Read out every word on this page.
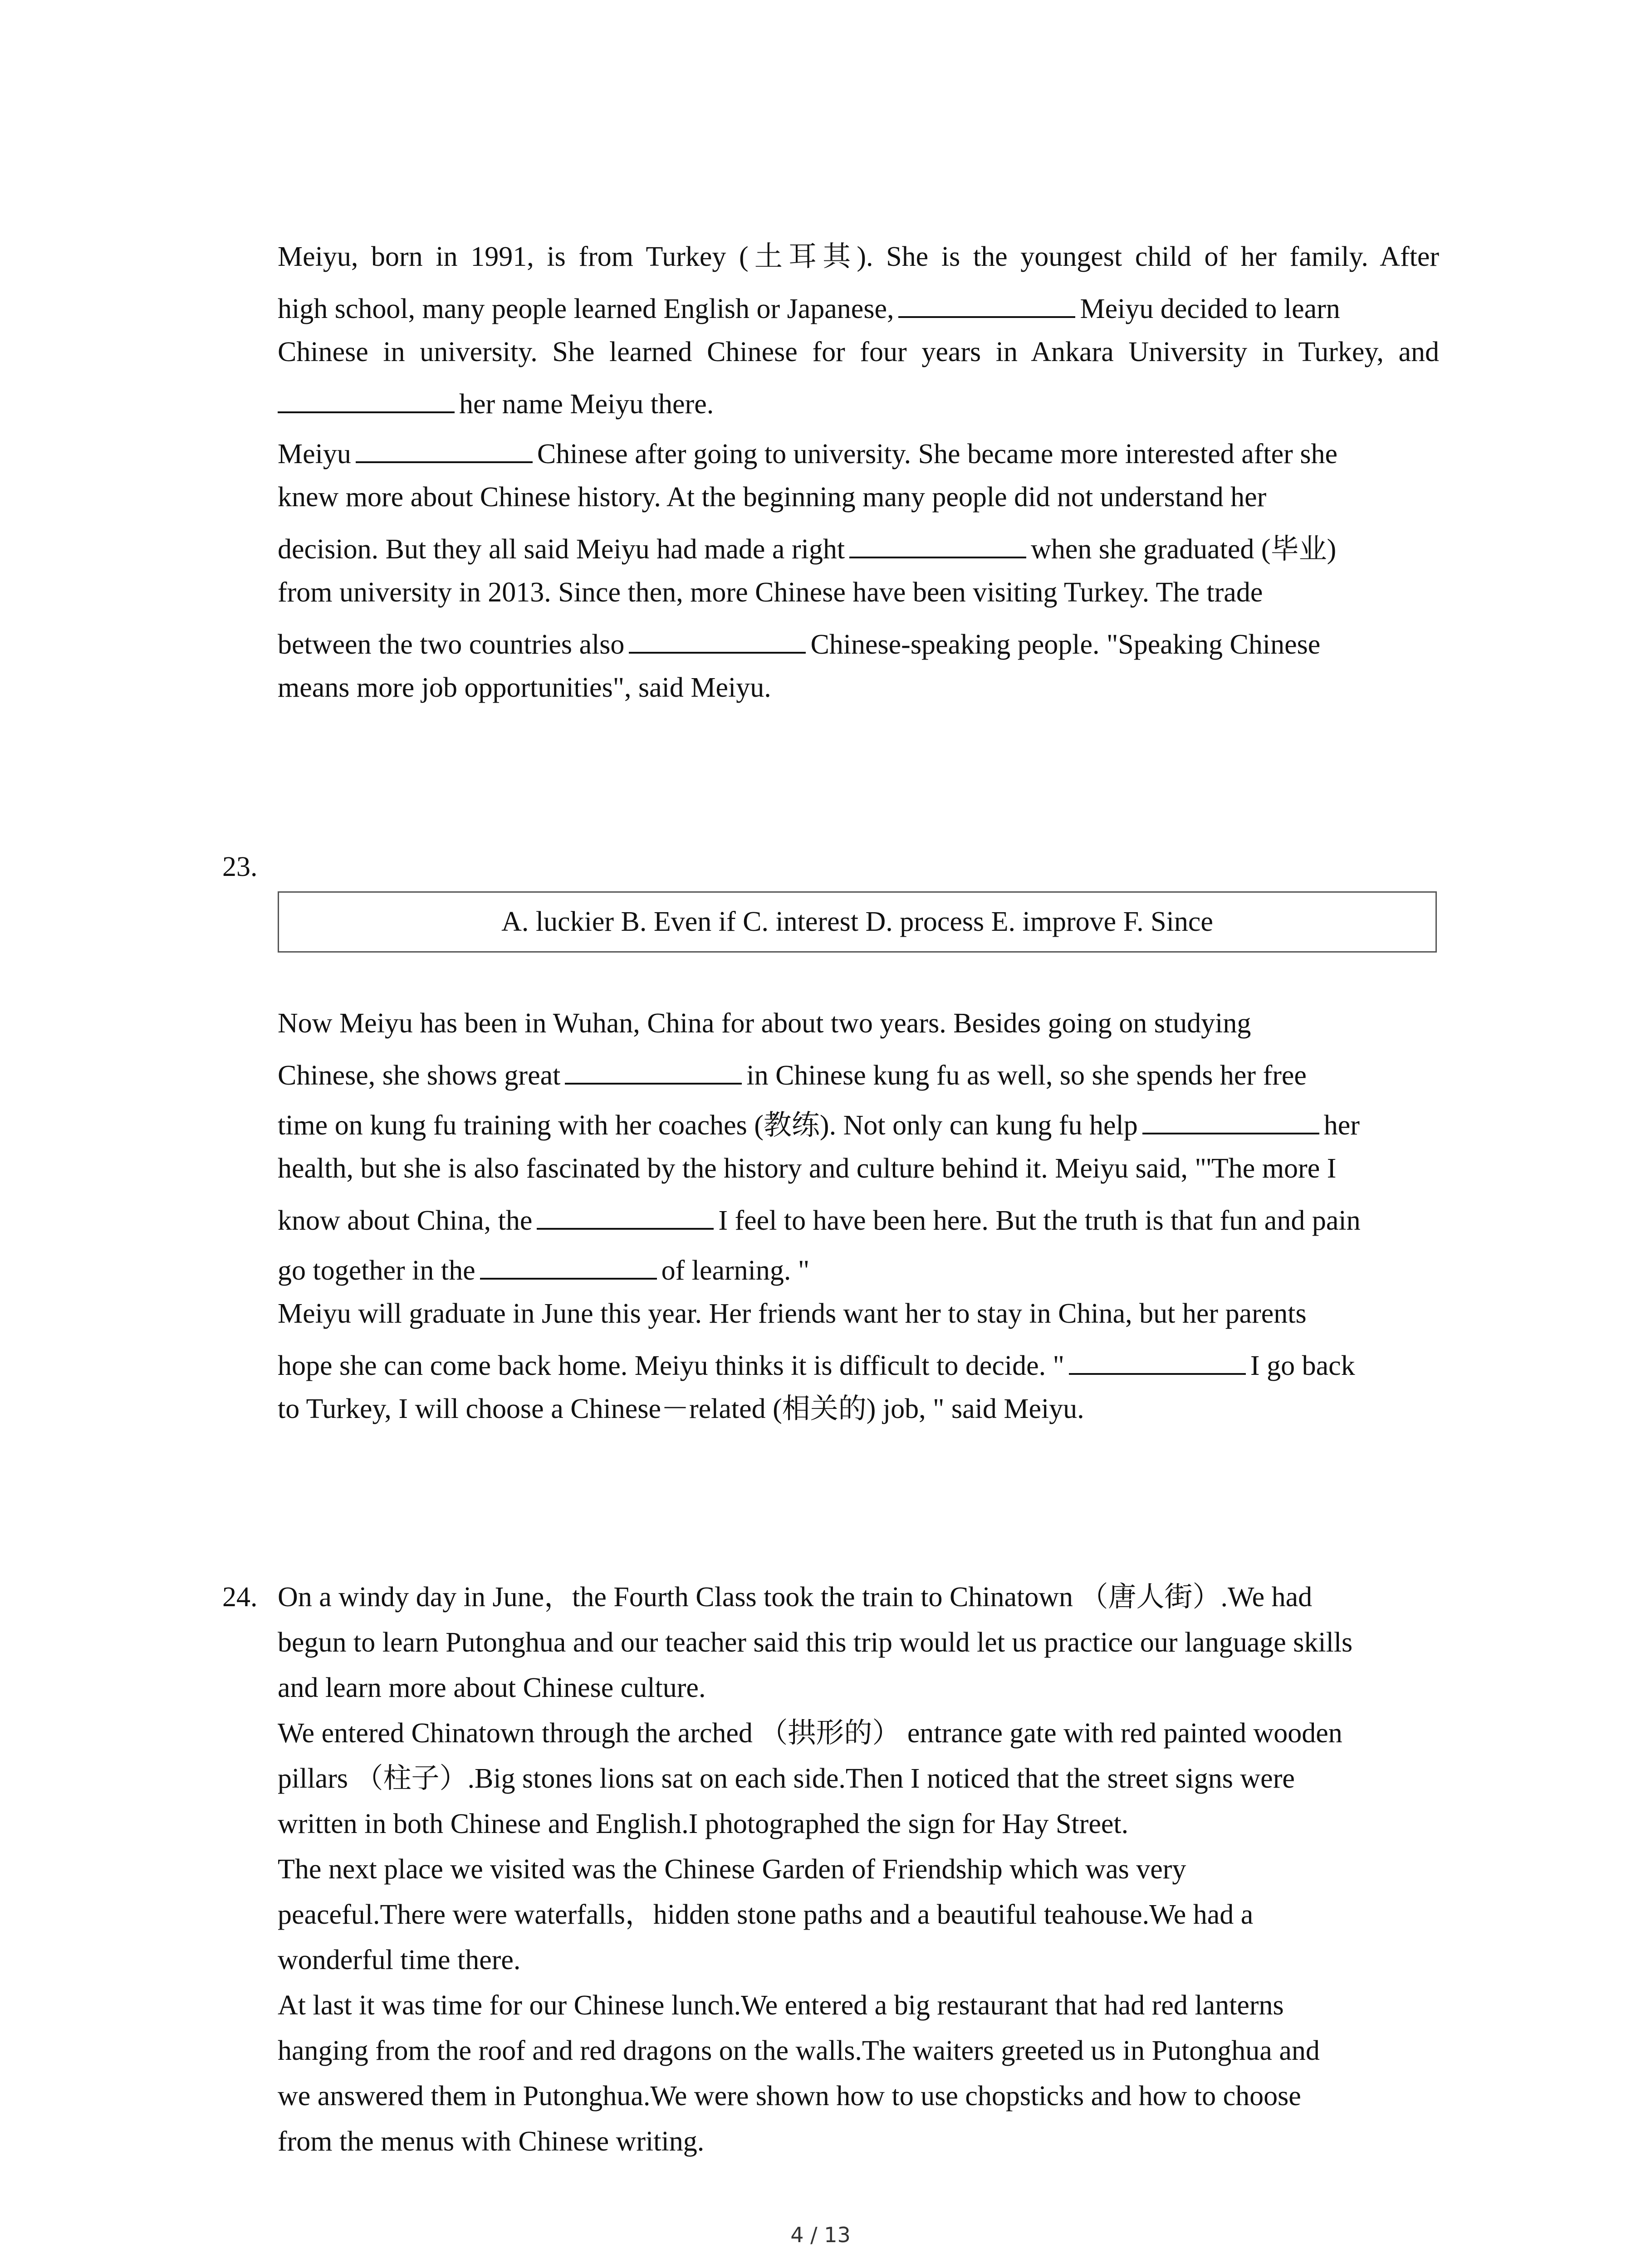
Meiyu, born in 1991, is from Turkey (土耳其). She is the youngest child of her family. After
high school, many people learned English or Japanese,	Meiyu decided to learn
Chinese in university. She learned Chinese for four years in Ankara University in Turkey, and
her name Meiyu there.
Meiyu	Chinese after going to university. She became more interested after she
knew more about Chinese history. At the beginning many people did not understand her
decision. But they all said Meiyu had made a right	when she graduated (毕业)
from university in 2013. Since then, more Chinese have been visiting Turkey. The trade
between the two countries also	Chinese-speaking people. "Speaking Chinese
means more job opportunities", said Meiyu.
23.
A. luckier B. Even if C. interest D. process E. improve F. Since
Now Meiyu has been in Wuhan, China for about two years. Besides going on studying
Chinese, she shows great	in Chinese kung fu as well, so she spends her free
time on kung fu training with her coaches (教练). Not only can kung fu help	her
health, but she is also fascinated by the history and culture behind it. Meiyu said, "'The more I
know about China, the	I feel to have been here. But the truth is that fun and pain
go together in the	of learning. "
Meiyu will graduate in June this year. Her friends want her to stay in China, but her parents
hope she can come back home. Meiyu thinks it is difficult to decide. "	I go back
to Turkey, I will choose a Chinese－related (相关的) job, " said Meiyu.
24. On a windy day in June，the Fourth Class took the train to Chinatown （唐人街）.We had
begun to learn Putonghua and our teacher said this trip would let us practice our language skills
and learn more about Chinese culture.
We entered Chinatown through the arched （拱形的） entrance gate with red painted wooden
pillars （柱子）.Big stones lions sat on each side.Then I noticed that the street signs were
written in both Chinese and English.I photographed the sign for Hay Street.
The next place we visited was the Chinese Garden of Friendship which was very
peaceful.There were waterfalls，hidden stone paths and a beautiful teahouse.We had a
wonderful time there.
At last it was time for our Chinese lunch.We entered a big restaurant that had red lanterns
hanging from the roof and red dragons on the walls.The waiters greeted us in Putonghua and
we answered them in Putonghua.We were shown how to use chopsticks and how to choose
from the menus with Chinese writing.
4 / 13
